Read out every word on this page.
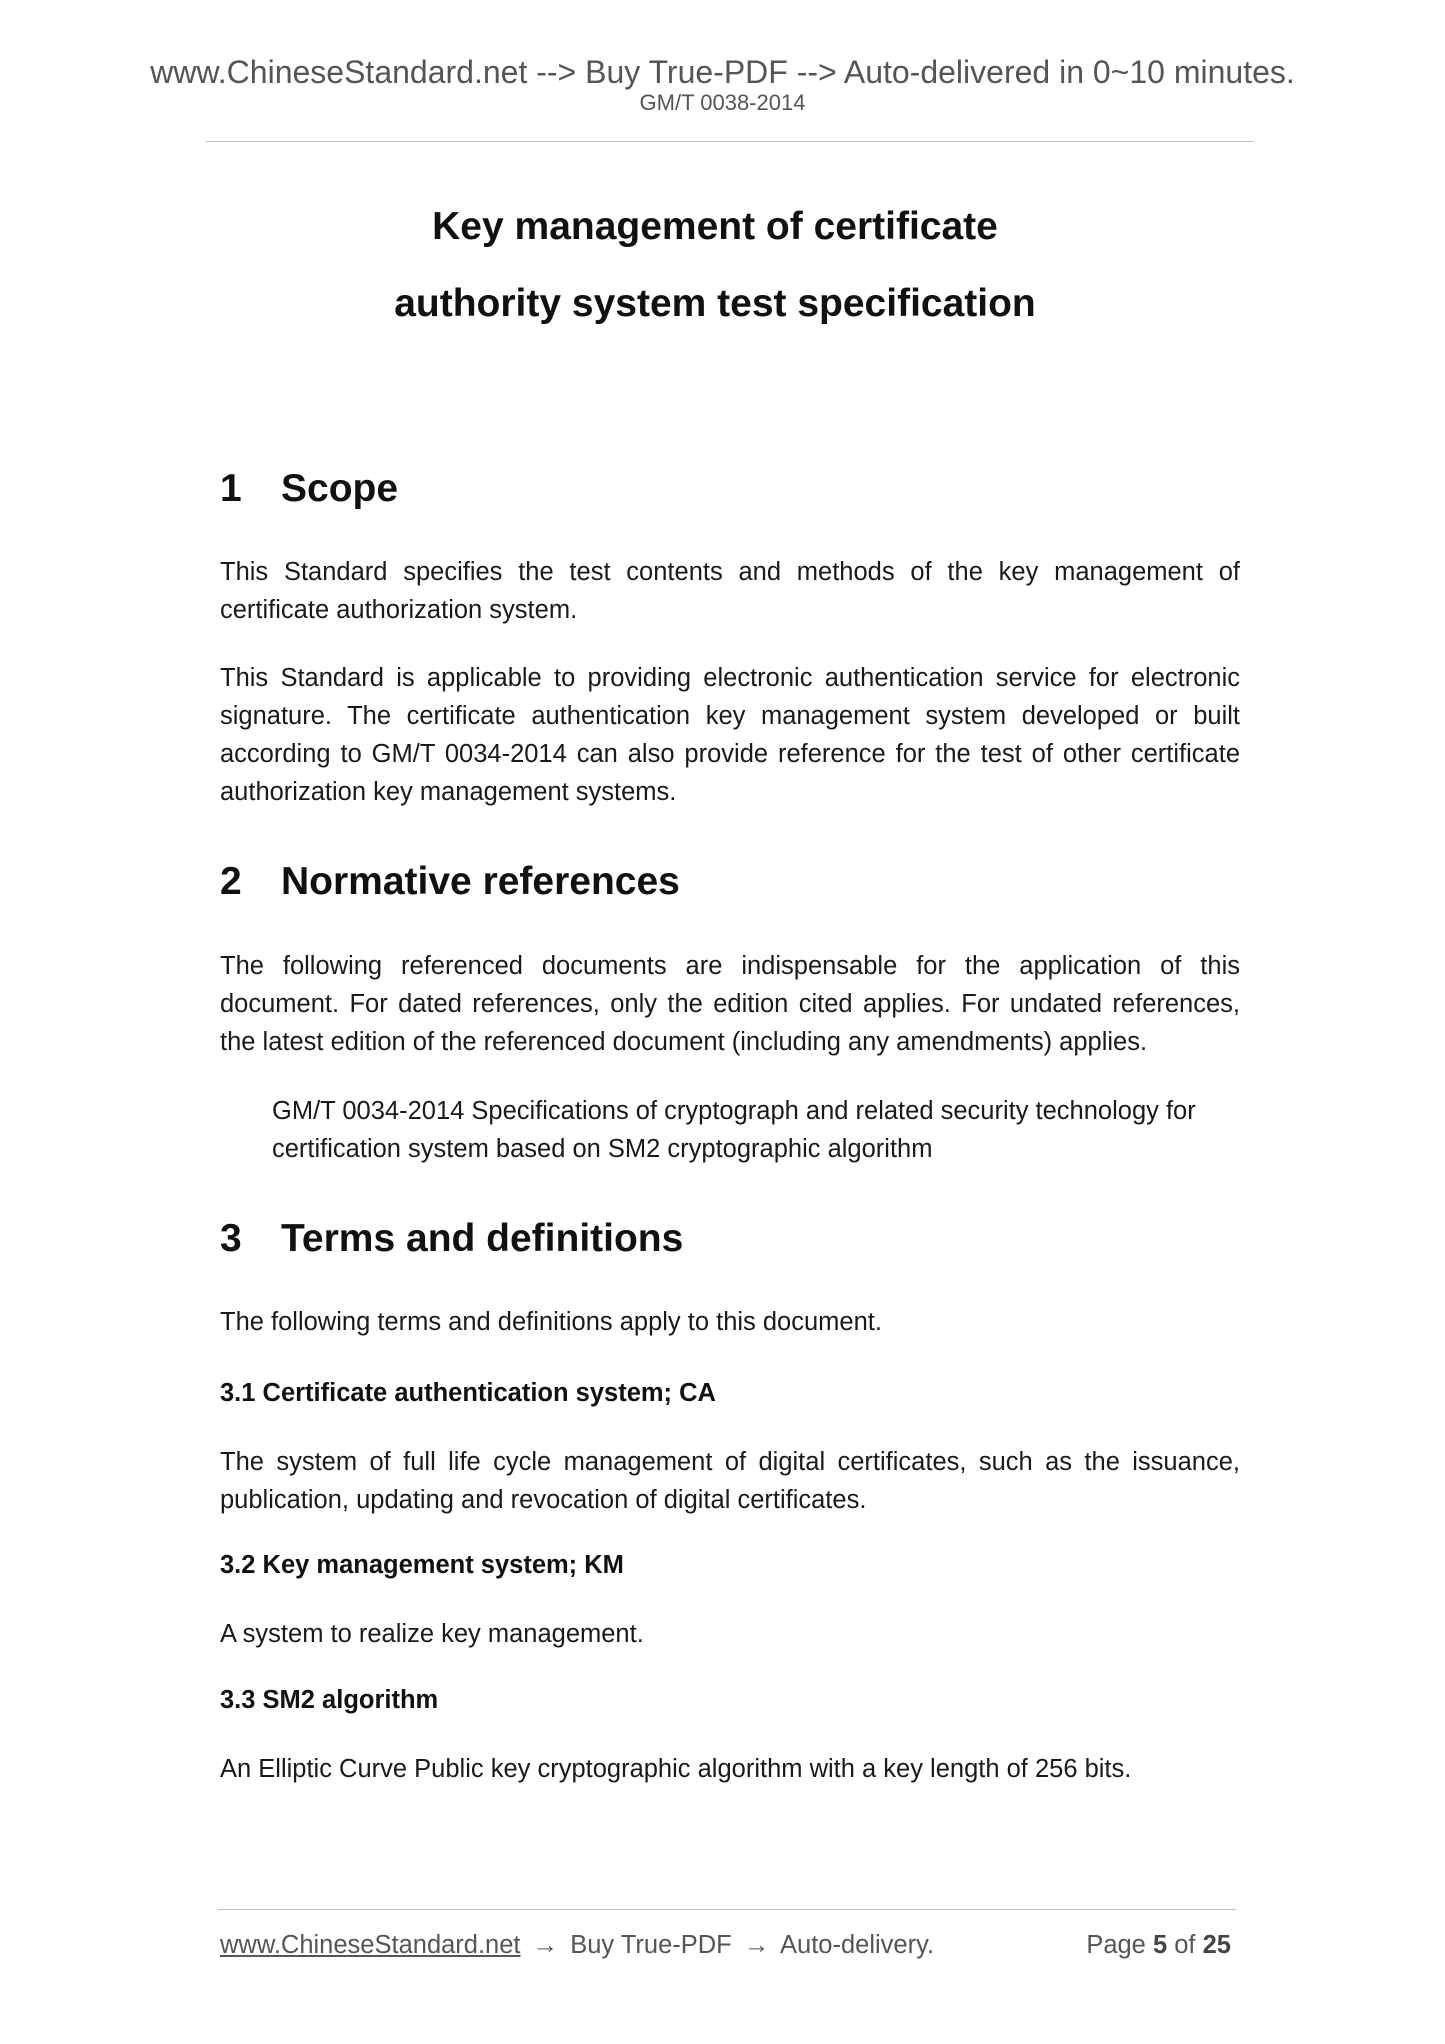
www.ChineseStandard.net --> Buy True-PDF --> Auto-delivered in 0~10 minutes.
GM/T 0038-2014
Key management of certificate
authority system test specification
1 Scope
This Standard specifies the test contents and methods of the key management of certificate authorization system.
This Standard is applicable to providing electronic authentication service for electronic signature. The certificate authentication key management system developed or built according to GM/T 0034-2014 can also provide reference for the test of other certificate authorization key management systems.
2 Normative references
The following referenced documents are indispensable for the application of this document. For dated references, only the edition cited applies. For undated references, the latest edition of the referenced document (including any amendments) applies.
GM/T 0034-2014 Specifications of cryptograph and related security technology for certification system based on SM2 cryptographic algorithm
3 Terms and definitions
The following terms and definitions apply to this document.
3.1 Certificate authentication system; CA
The system of full life cycle management of digital certificates, such as the issuance, publication, updating and revocation of digital certificates.
3.2 Key management system; KM
A system to realize key management.
3.3 SM2 algorithm
An Elliptic Curve Public key cryptographic algorithm with a key length of 256 bits.
www.ChineseStandard.net → Buy True-PDF → Auto-delivery.	Page 5 of 25
